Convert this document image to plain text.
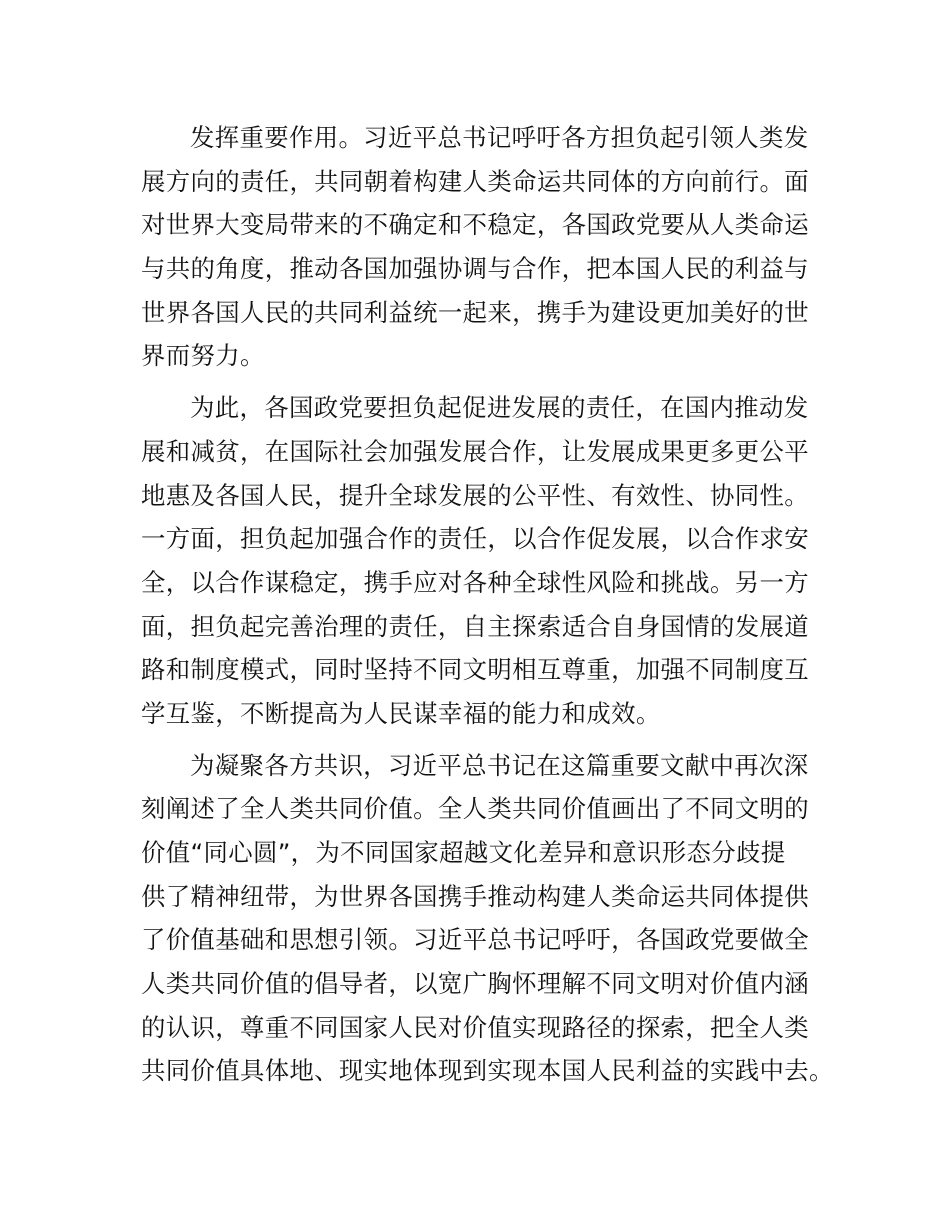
发挥重要作用。习近平总书记呼吁各方担负起引领人类发
展方向的责任，共同朝着构建人类命运共同体的方向前行。面
对世界大变局带来的不确定和不稳定，各国政党要从人类命运
与共的角度，推动各国加强协调与合作，把本国人民的利益与
世界各国人民的共同利益统一起来，携手为建设更加美好的世
界而努力。
为此，各国政党要担负起促进发展的责任，在国内推动发
展和减贫，在国际社会加强发展合作，让发展成果更多更公平
地惠及各国人民，提升全球发展的公平性、有效性、协同性。
一方面，担负起加强合作的责任，以合作促发展，以合作求安
全，以合作谋稳定，携手应对各种全球性风险和挑战。另一方
面，担负起完善治理的责任，自主探索适合自身国情的发展道
路和制度模式，同时坚持不同文明相互尊重，加强不同制度互
学互鉴，不断提高为人民谋幸福的能力和成效。
为凝聚各方共识，习近平总书记在这篇重要文献中再次深
刻阐述了全人类共同价值。全人类共同价值画出了不同文明的
价值“同心圆”，为不同国家超越文化差异和意识形态分歧提
供了精神纽带，为世界各国携手推动构建人类命运共同体提供
了价值基础和思想引领。习近平总书记呼吁，各国政党要做全
人类共同价值的倡导者，以宽广胸怀理解不同文明对价值内涵
的认识，尊重不同国家人民对价值实现路径的探索，把全人类
共同价值具体地、现实地体现到实现本国人民利益的实践中去。
